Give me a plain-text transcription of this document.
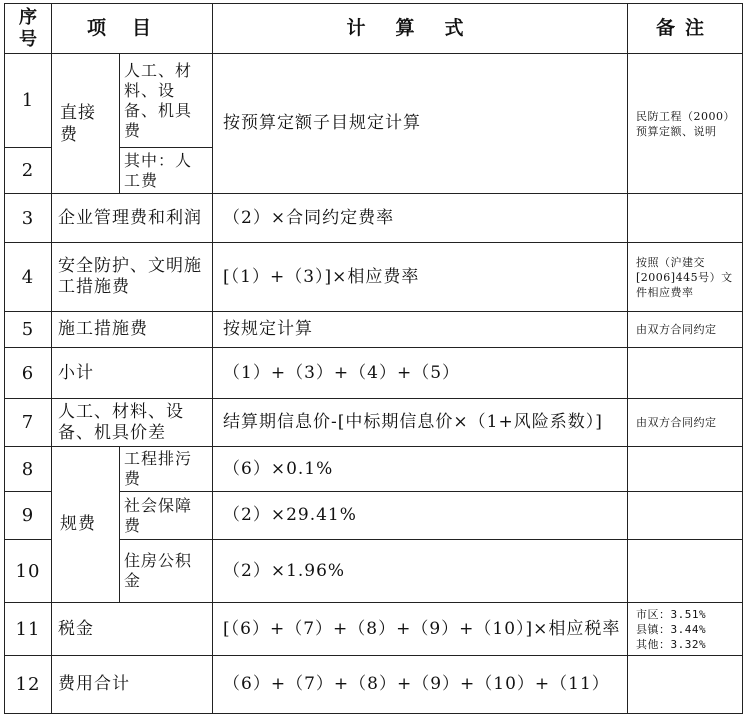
序号	项目		计算式	备注
1	直接费	人工、材料、设备、机具费	按预算定额子目规定计算	民防工程（2000）预算定额、说明
2		其中：人工费		
3	企业管理费和利润		（2）×合同约定费率	
4	安全防护、文明施工措施费		[（1）+（3）]×相应费率	按照（沪建交[2006]445号）文件相应费率
5	施工措施费		按规定计算	由双方合同约定
6	小计		（1）+（3）+（4）+（5）	
7	人工、材料、设备、机具价差		结算期信息价-[中标期信息价×（1+风险系数）]	由双方合同约定
8	规费	工程排污费	（6）×0.1%	
9		社会保障费	（2）×29.41%	
10		住房公积金	（2）×1.96%	
11	税金		[（6）+（7）+（8）+（9）+（10）]×相应税率	市区：3.51%
县镇：3.44%
其他：3.32%

12	费用合计		（6）+（7）+（8）+（9）+（10）+（11）	
